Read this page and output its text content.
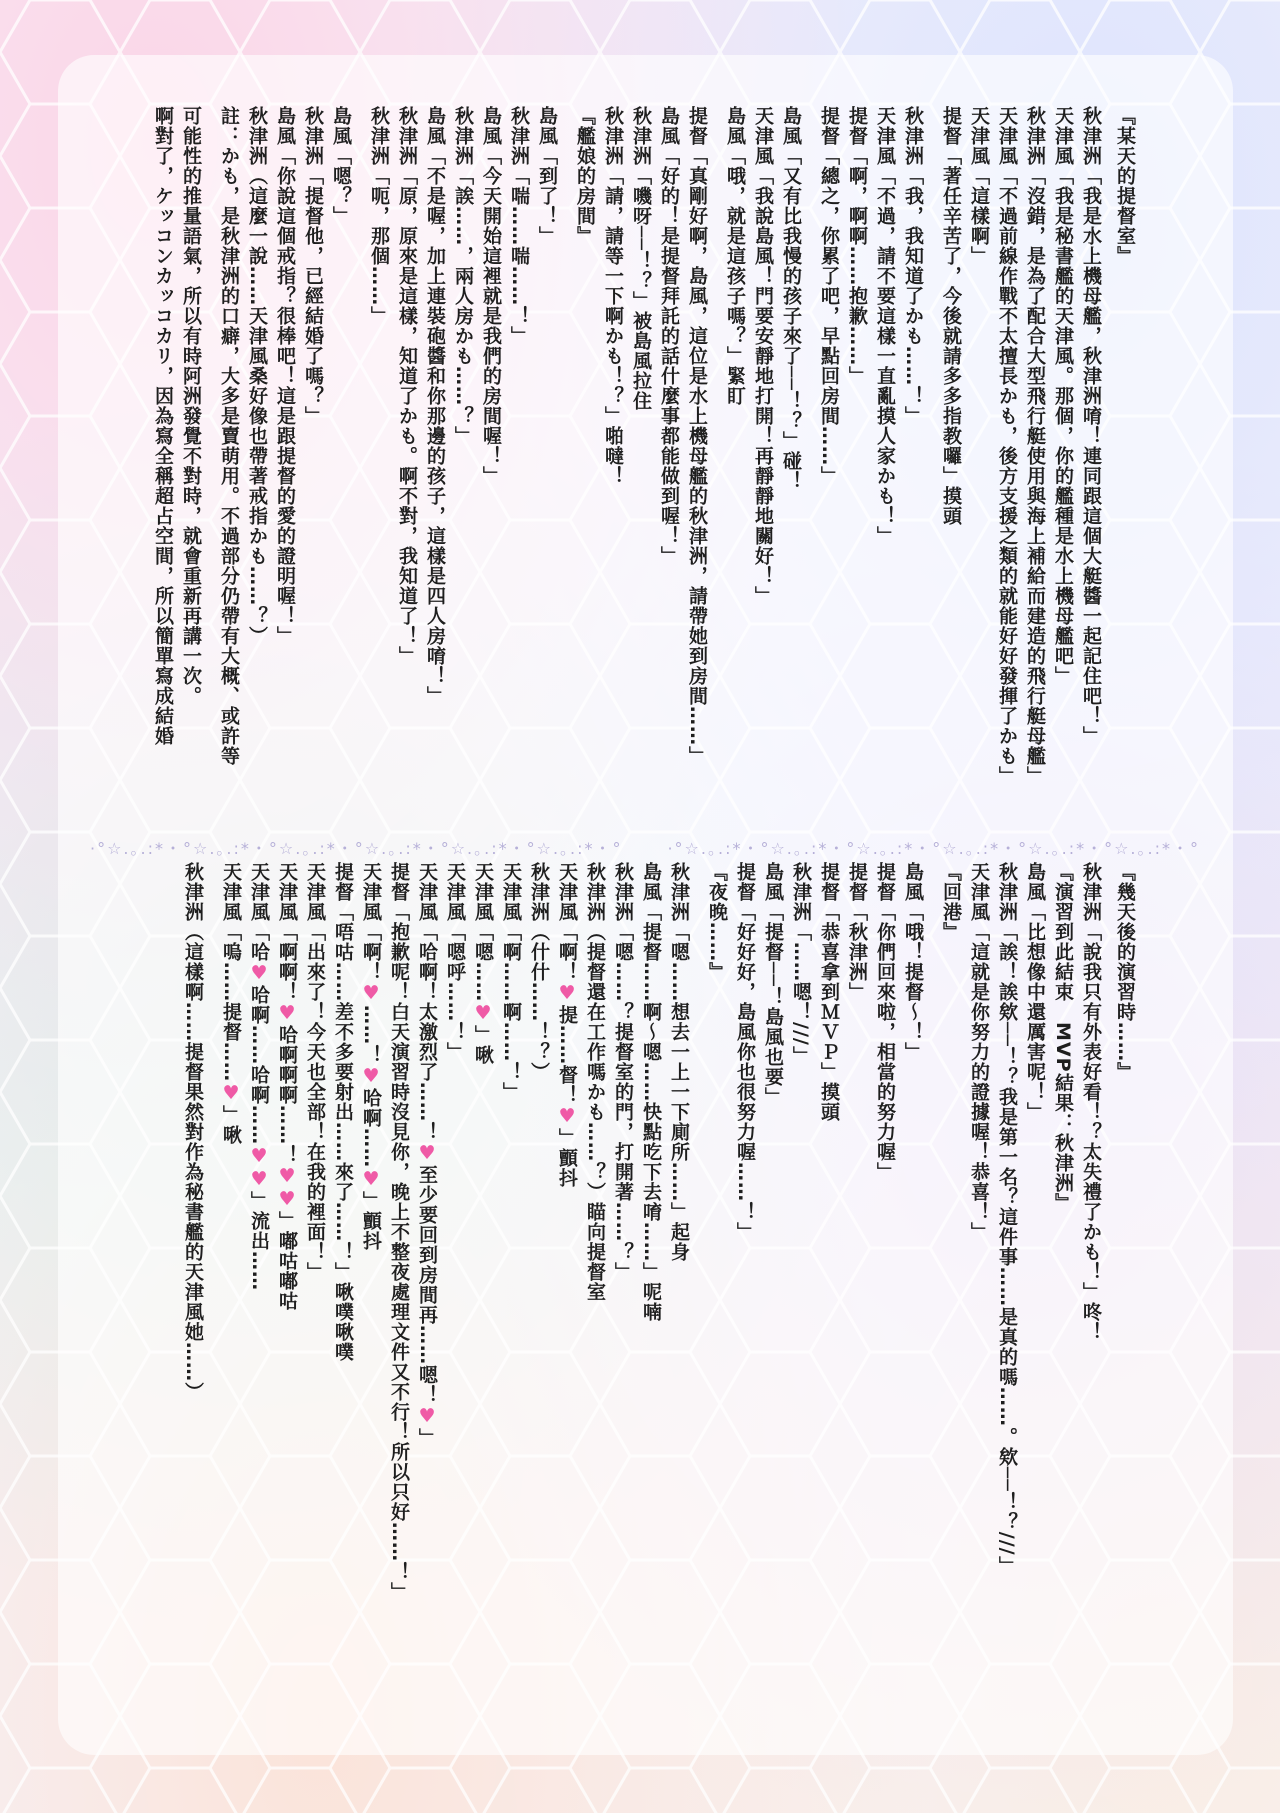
『某天的提督室』
秋津洲「我是水上機母艦，秋津洲唷！連同跟這個大艇醬一起記住吧！」
天津風「我是秘書艦的天津風。那個，你的艦種是水上機母艦吧」
秋津洲「沒錯，是為了配合大型飛行艇使用與海上補給而建造的飛行艇母艦」
天津風「不過前線作戰不太擅長かも，後方支援之類的就能好好發揮了かも」
天津風「這樣啊」
提督「著任辛苦了，今後就請多多指教囉」摸頭
秋津洲「我，我知道了かも……！」
天津風「不過，請不要這樣一直亂摸人家かも！」
提督「啊，啊啊……抱歉……」
提督「總之，你累了吧，早點回房間……」
島風「又有比我慢的孩子來了──！？」碰！
天津風「我說島風！門要安靜地打開！再靜靜地關好！」
島風「哦，就是這孩子嗎？」緊盯
提督「真剛好啊，島風，這位是水上機母艦的秋津洲，請帶她到房間……」
島風「好的！是提督拜託的話什麼事都能做到喔！」
秋津洲「嘰呀──！？」被島風拉住
秋津洲「請，請等一下啊かも！？」啪噠！
『艦娘的房間』
島風「到了！」
秋津洲「喘……喘……！」
島風「今天開始這裡就是我們的房間喔！」
秋津洲「誒……，兩人房かも……？」
島風「不是喔，加上連裝砲醬和你那邊的孩子，這樣是四人房唷！」
秋津洲「原，原來是這樣，知道了かも。啊不對，我知道了！」
秋津洲「呃，那個……」
島風「嗯？」
秋津洲「提督他，已經結婚了嗎？」
島風「你說這個戒指？很棒吧！這是跟提督的愛的證明喔！」
秋津洲（這麼一說……天津風桑好像也帶著戒指かも……？）
註：かも，是秋津洲的口癖，大多是賣萌用。不過部分仍帶有大概、或許等
可能性的推量語氣，所以有時阿洲發覺不對時，就會重新再講一次。
啊對了，ケッコンカッコカリ，因為寫全稱超占空間，所以簡單寫成結婚
·°☆.｡.:*・°☆.｡.:*・°☆.｡.:*・°☆.｡.:*・°☆.｡.:*・°☆.｡.:*・°	·°☆.｡.:*・°☆.｡.:*・°☆.｡.:*・°☆.｡.:*・°☆.｡.:*・°☆.｡.:*・°
『幾天後的演習時……』
秋津洲「說我只有外表好看！？太失禮了かも！」咚！
『演習到此結束　MVP結果：秋津洲』
島風「比想像中還厲害呢！」
秋津洲「誒！誒欸──！？我是第一名？這件事……是真的嗎……。欸──！？///」
天津風「這就是你努力的證據喔！恭喜！」
『回港』
島風「哦！提督〜！」
提督「你們回來啦，相當的努力喔」
提督「秋津洲」
提督「恭喜拿到ＭＶＰ」摸頭
秋津洲「……嗯！///」
島風「提督──！島風也要」
提督「好好好，島風你也很努力喔……！」
『夜晚……』
秋津洲「嗯……想去一上一下廁所……」起身
島風「提督……啊〜嗯……快點吃下去唷……」呢喃
秋津洲「嗯……？提督室的門，打開著……？」
秋津洲（提督還在工作嗎かも……？）瞄向提督室
天津風「啊！♥提……督！♥」顫抖
秋津洲（什什……！？）
天津風「啊……啊……！」
天津風「嗯……♥」啾
天津風「嗯呼……！」
天津風「哈啊！太激烈了……！♥至少要回到房間再……嗯！♥」
提督「抱歉呢！白天演習時沒見你，晚上不整夜處理文件又不行！所以只好……！」
天津風「啊！♥……！♥哈啊……♥」顫抖
提督「唔咕……差不多要射出……來了……！」啾噗啾噗
天津風「出來了！今天也全部！在我的裡面！」
天津風「啊啊！♥哈啊啊啊……！♥♥」嘟咕嘟咕
天津風「哈♥哈啊……哈啊……♥♥」流出……
天津風「嗚……提督……♥」啾
秋津洲（這樣啊……提督果然對作為秘書艦的天津風她……）
